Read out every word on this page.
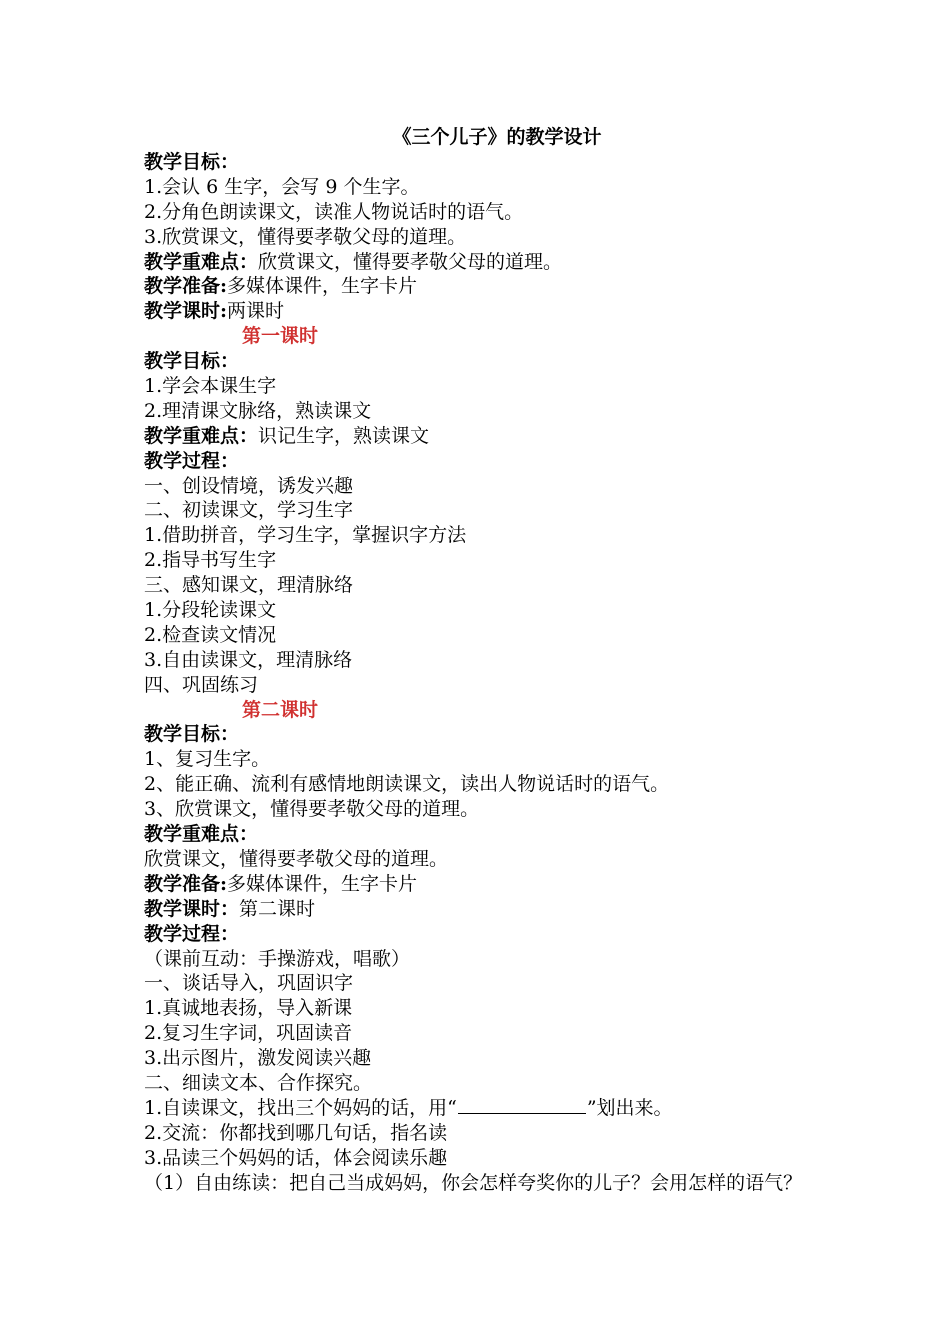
《三个儿子》的教学设计
教学目标：
1.会认 6 生字，会写 9 个生字。
2.分角色朗读课文，读准人物说话时的语气。
3.欣赏课文，懂得要孝敬父母的道理。
教学重难点：欣赏课文，懂得要孝敬父母的道理。
教学准备:多媒体课件，生字卡片
教学课时:两课时
第一课时
教学目标：
1.学会本课生字
2.理清课文脉络，熟读课文
教学重难点：识记生字，熟读课文
教学过程：
一、创设情境，诱发兴趣
二、初读课文，学习生字
1.借助拼音，学习生字，掌握识字方法
2.指导书写生字
三、感知课文，理清脉络
1.分段轮读课文
2.检查读文情况
3.自由读课文，理清脉络
四、巩固练习
第二课时
教学目标：
1、复习生字。
2、能正确、流利有感情地朗读课文，读出人物说话时的语气。
3、欣赏课文，懂得要孝敬父母的道理。
教学重难点：
欣赏课文，懂得要孝敬父母的道理。
教学准备:多媒体课件，生字卡片
教学课时：第二课时
教学过程：
（课前互动：手操游戏，唱歌）
一、谈话导入，巩固识字
1.真诚地表扬，导入新课
2.复习生字词，巩固读音
3.出示图片，激发阅读兴趣
二、细读文本、合作探究。
1.自读课文，找出三个妈妈的话，用“	”划出来。
2.交流：你都找到哪几句话，指名读
3.品读三个妈妈的话，体会阅读乐趣
（1）自由练读：把自己当成妈妈，你会怎样夸奖你的儿子？会用怎样的语气？
